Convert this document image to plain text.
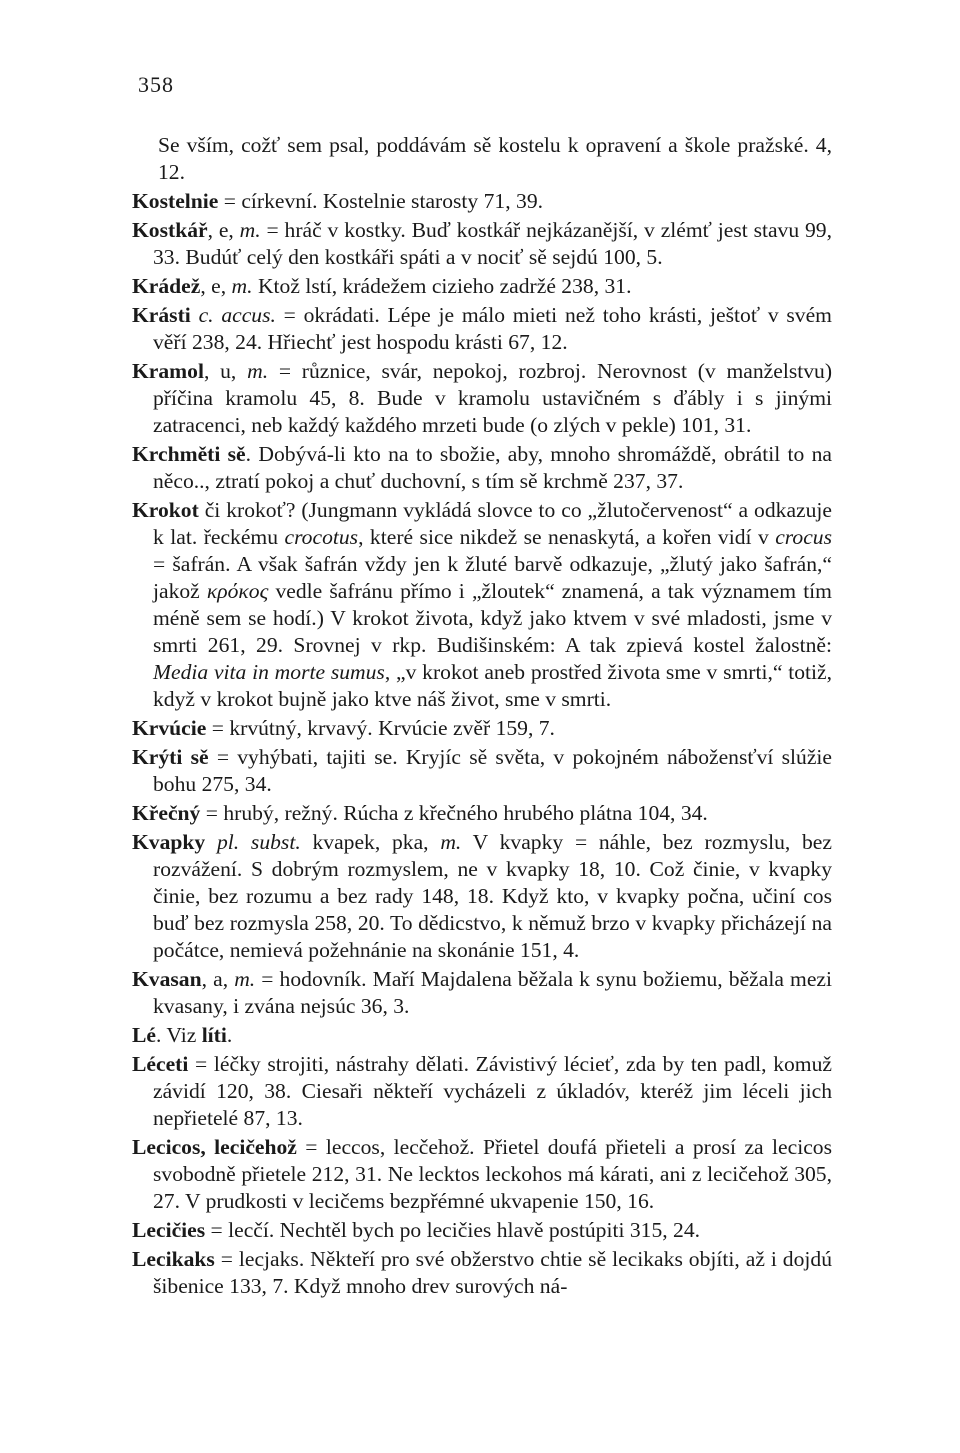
358

Se vším, cožť sem psal, poddávám sě kostelu k opravení a škole pražské. 4, 12.

Kostelnie = církevní. Kostelnie starosty 71, 39.

Kostkář, e, m. = hráč v kostky. Buď kostkář nejkázanější, v zlémť jest stavu 99, 33. Budúť celý den kostkáři spáti a v nociť sě sejdú 100, 5.

Krádež, e, m. Ktož lstí, krádežem cizieho zadržé 238, 31.

Krásti c. accus. = okrádati. Lépe je málo mieti než toho krásti, ještoť v svém věří 238, 24. Hřiechť jest hospodu krásti 67, 12.

Kramol, u, m. = různice, svár, nepokoj, rozbroj. Nerovnost (v manželstvu) příčina kramolu 45, 8. Bude v kramolu ustavičném s ďábly i s jinými zatracenci, neb každý každého mrzeti bude (o zlých v pekle) 101, 31.

Krchměti sě. Dobývá-li kto na to sbožie, aby, mnoho shromáždě, obrátil to na něco.., ztratí pokoj a chuť duchovní, s tím sě krchmě 237, 37.

Krokot či krokoť? (Jungmann vykládá slovce to co „žlutočervenost“ a odkazuje k lat. řeckému crocotus, které sice nikdež se nenaskytá, a kořen vidí v crocus = šafrán. A však šafrán vždy jen k žluté barvě odkazuje, „žlutý jako šafrán,“ jakož κρόκος vedle šafránu přímo i „žloutek“ znamená, a tak významem tím méně sem se hodí.) V krokot života, když jako ktvem v své mladosti, jsme v smrti 261, 29. Srovnej v rkp. Budišinském: A tak zpievá kostel žalostně: Media vita in morte sumus, „v krokot aneb prostřed života sme v smrti,“ totiž, když v krokot bujně jako ktve náš život, sme v smrti.

Krvúcie = krvútný, krvavý. Krvúcie zvěř 159, 7.

Krýti sě = vyhýbati, tajiti se. Kryjíc sě světa, v pokojném nábožensťví slúžie bohu 275, 34.

Křečný = hrubý, režný. Rúcha z křečného hrubého plátna 104, 34.

Kvapky pl. subst. kvapek, pka, m. V kvapky = náhle, bez rozmyslu, bez rozvážení. S dobrým rozmyslem, ne v kvapky 18, 10. Což činie, v kvapky činie, bez rozumu a bez rady 148, 18. Když kto, v kvapky počna, učiní cos buď bez rozmysla 258, 20. To dědicstvo, k němuž brzo v kvapky přicházejí na počátce, nemievá požehnánie na skonánie 151, 4.

Kvasan, a, m. = hodovník. Maří Majdalena běžala k synu božiemu, běžala mezi kvasany, i zvána nejsúc 36, 3.

Lé. Viz líti.

Léceti = léčky strojiti, nástrahy dělati. Závistivý lécieť, zda by ten padl, komuž závidí 120, 38. Ciesaři někteří vycházeli z úkladóv, kteréž jim léceli jich nepřietelé 87, 13.

Lecicos, lecičehož = leccos, lecčehož. Přietel doufá přieteli a prosí za lecicos svobodně přietele 212, 31. Ne lecktos leckohos má kárati, ani z lecičehož 305, 27. V prudkosti v lecičems bezpřémné ukvapenie 150, 16.

Lecičies = lecčí. Nechtěl bych po lecičies hlavě postúpiti 315, 24.

Lecikaks = lecjaks. Někteří pro své obžerstvo chtie sě lecikaks objíti, až i dojdú šibenice 133, 7. Když mnoho drev surových ná-
